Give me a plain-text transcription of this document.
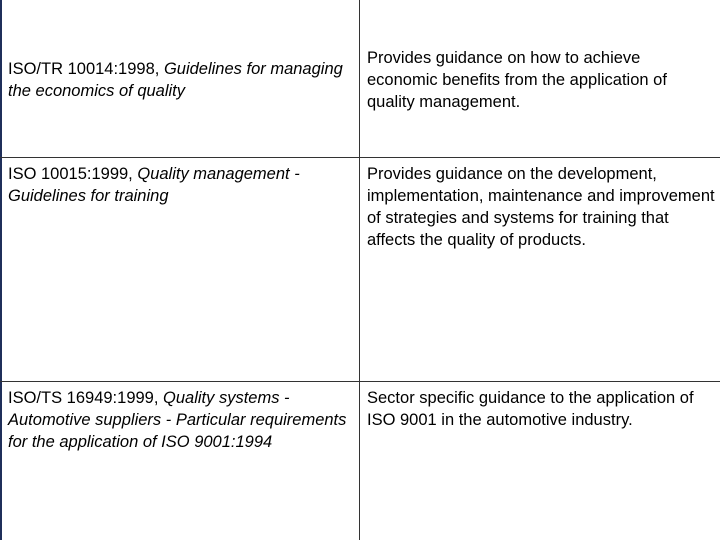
ISO/TR 10014:1998, Guidelines for managing the economics of quality

Provides guidance on how to achieve economic benefits from the application of quality management.

ISO 10015:1999, Quality management - Guidelines for training

Provides guidance on the development, implementation, maintenance and improvement of strategies and systems for training that affects the quality of products.

ISO/TS 16949:1999, Quality systems - Automotive suppliers - Particular requirements for the application of ISO 9001:1994

Sector specific guidance to the application of ISO 9001 in the automotive industry.
